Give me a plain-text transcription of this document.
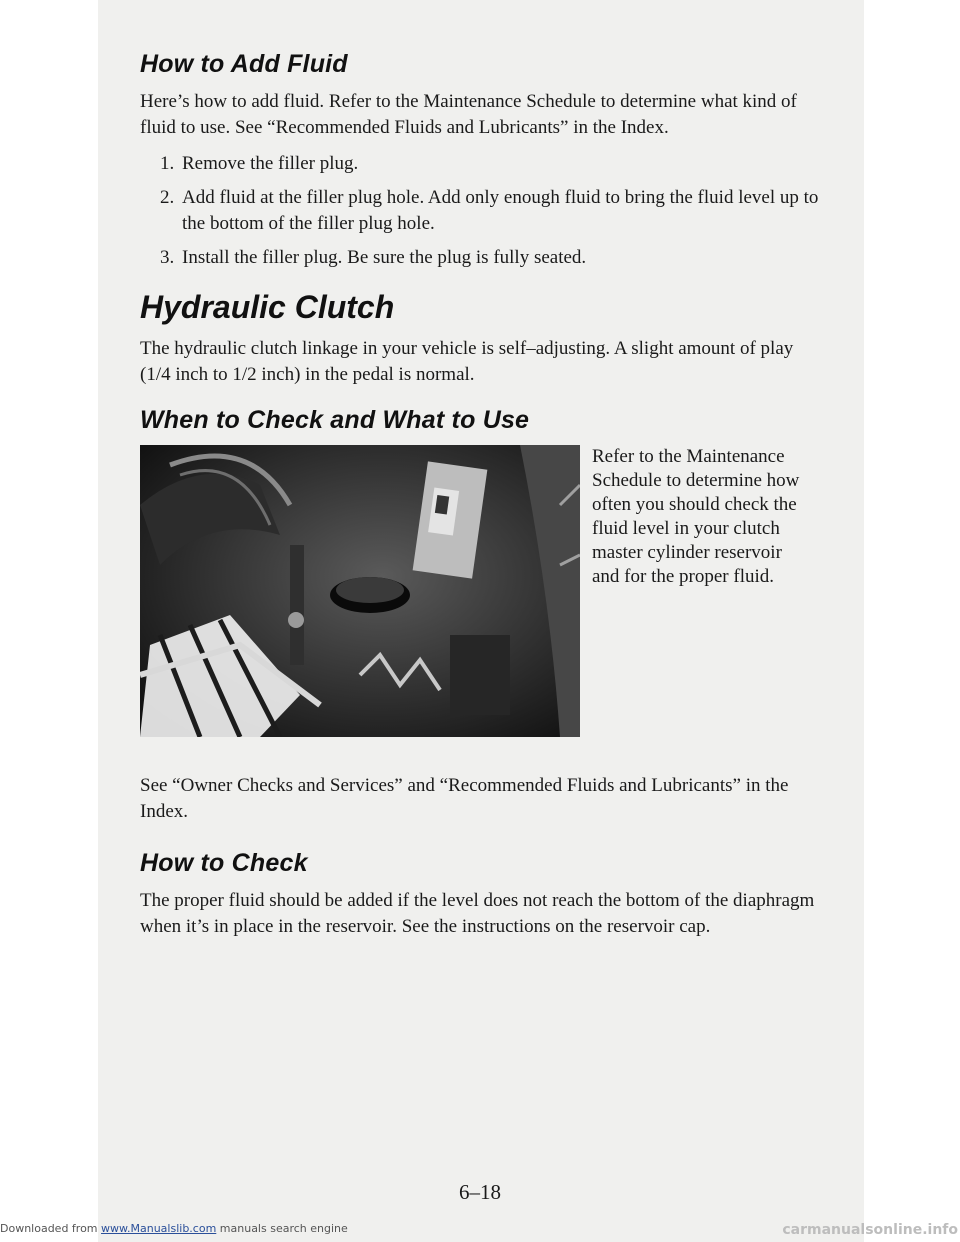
How to Add Fluid

Here’s how to add fluid. Refer to the Maintenance Schedule to determine what kind of fluid to use. See “Recommended Fluids and Lubricants” in the Index.

1. Remove the filler plug.
2. Add fluid at the filler plug hole. Add only enough fluid to bring the fluid level up to the bottom of the filler plug hole.
3. Install the filler plug. Be sure the plug is fully seated.
Hydraulic Clutch

The hydraulic clutch linkage in your vehicle is self–adjusting. A slight amount of play (1/4 inch to 1/2 inch) in the pedal is normal.

When to Check and What to Use

Refer to the Maintenance Schedule to determine how often you should check the fluid level in your clutch master cylinder reservoir and for the proper fluid.

See “Owner Checks and Services” and “Recommended Fluids and Lubricants” in the Index.

How to Check

The proper fluid should be added if the level does not reach the bottom of the diaphragm when it’s in place in the reservoir. See the instructions on the reservoir cap.

6–18
Downloaded from www.Manualslib.com manuals search engine	carmanualsonline.info
